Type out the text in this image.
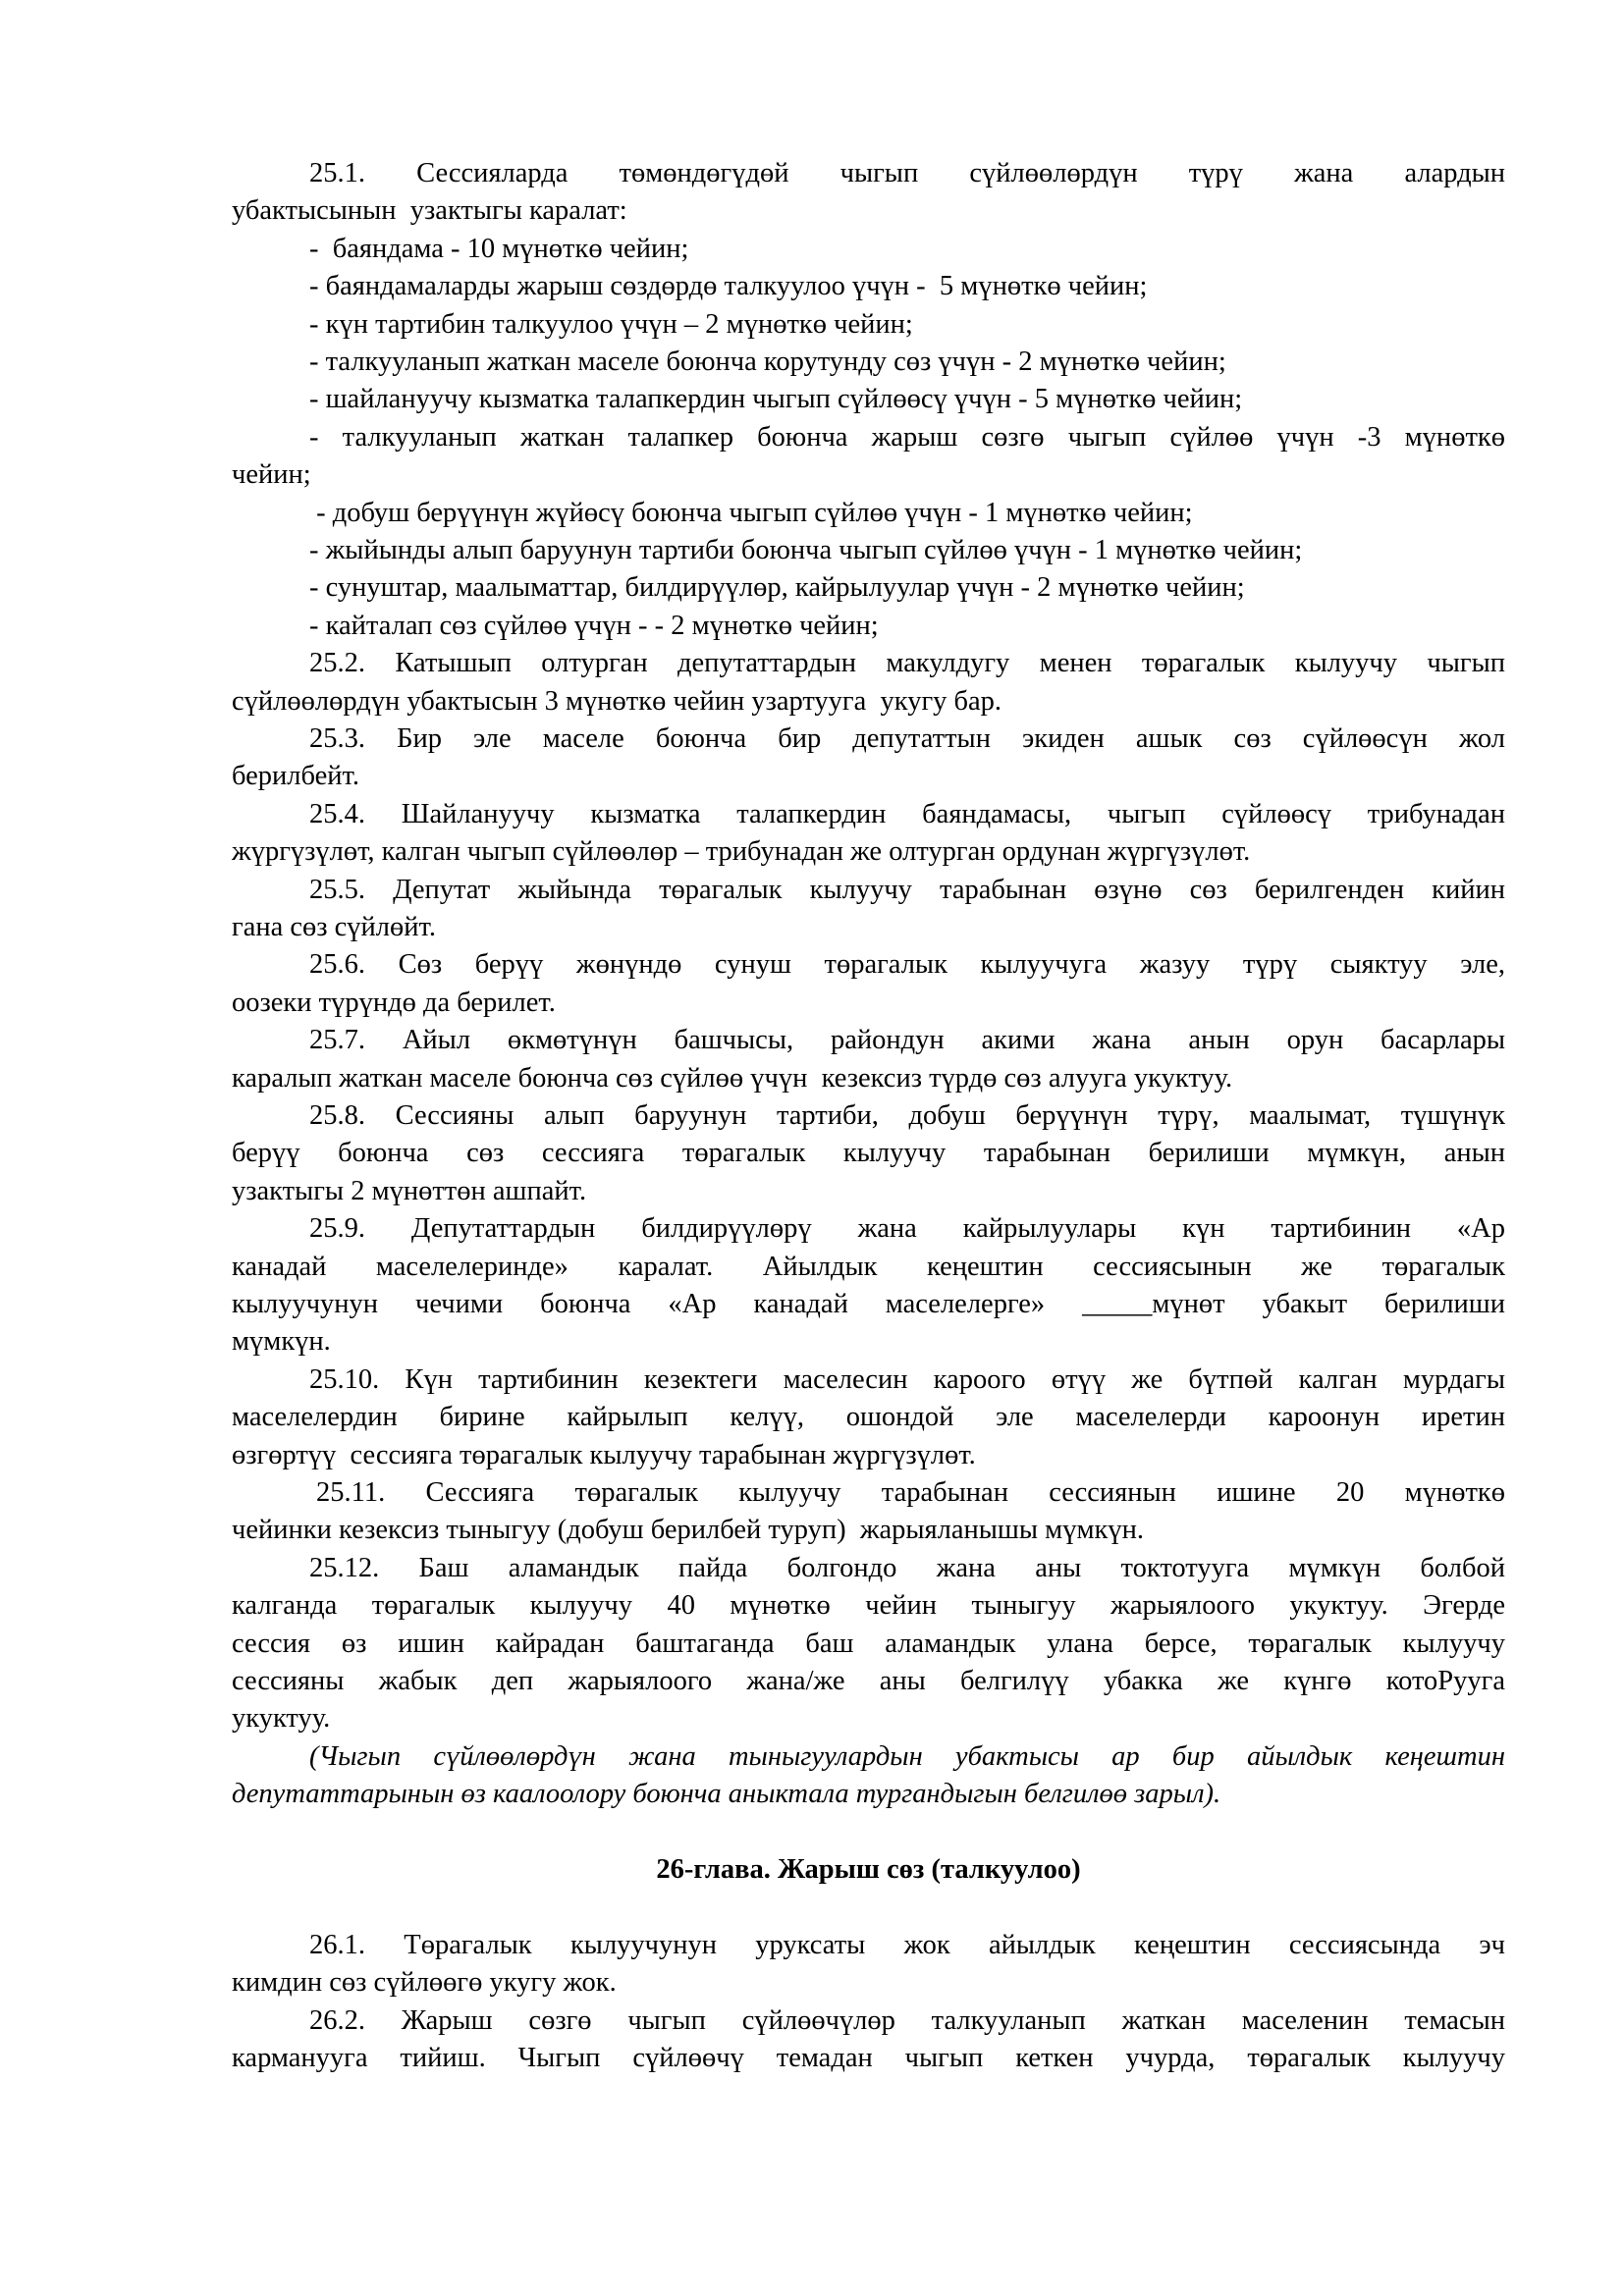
25.1. Сессияларда төмөндөгүдөй чыгып сүйлөөлөрдүн түрү жана алардын
убактысынын  узактыгы каралат:
-  баяндама - 10 мүнөткө чейин;
- баяндамаларды жарыш сөздөрдө талкуулоо үчүн -  5 мүнөткө чейин;
- күн тартибин талкуулоо үчүн – 2 мүнөткө чейин;
- талкууланып жаткан маселе боюнча корутунду сөз үчүн - 2 мүнөткө чейин;
- шайлануучу кызматка талапкердин чыгып сүйлөөсү үчүн - 5 мүнөткө чейин;
- талкууланып жаткан талапкер боюнча жарыш сөзгө чыгып сүйлөө үчүн -3 мүнөткө
чейин;
- добуш берүүнүн жүйөсү боюнча чыгып сүйлөө үчүн - 1 мүнөткө чейин;
- жыйынды алып баруунун тартиби боюнча чыгып сүйлөө үчүн - 1 мүнөткө чейин;
- сунуштар, маалыматтар, билдирүүлөр, кайрылуулар үчүн - 2 мүнөткө чейин;
- кайталап сөз сүйлөө үчүн - - 2 мүнөткө чейин;
25.2. Катышып олтурган депутаттардын макулдугу менен төрагалык кылуучу чыгып
сүйлөөлөрдүн убактысын 3 мүнөткө чейин узартууга  укугу бар.
25.3. Бир эле маселе боюнча бир депутаттын экиден ашык сөз сүйлөөсүн жол
берилбейт.
25.4. Шайлануучу кызматка талапкердин баяндамасы, чыгып сүйлөөсү трибунадан
жүргүзүлөт, калган чыгып сүйлөөлөр – трибунадан же олтурган ордунан жүргүзүлөт.
25.5. Депутат жыйында төрагалык кылуучу тарабынан өзүнө сөз берилгенден кийин
гана сөз сүйлөйт.
25.6. Сөз берүү жөнүндө сунуш төрагалык кылуучуга жазуу түрү сыяктуу эле,
оозеки түрүндө да берилет.
25.7. Айыл өкмөтүнүн башчысы, райондун акими жана анын орун басарлары
каралып жаткан маселе боюнча сөз сүйлөө үчүн  кезексиз түрдө сөз алууга укуктуу.
25.8. Сессияны алып баруунун тартиби, добуш берүүнүн түрү, маалымат, түшүнүк
берүү боюнча сөз сессияга төрагалык кылуучу тарабынан берилиши мүмкүн, анын
узактыгы 2 мүнөттөн ашпайт.
25.9. Депутаттардын билдирүүлөрү жана кайрылуулары күн тартибинин «Ар
канадай маселелеринде» каралат. Айылдык кеңештин сессиясынын же төрагалык
кылуучунун чечими боюнча «Ар канадай маселелерге» _____мүнөт убакыт берилиши
мүмкүн.
25.10. Күн тартибинин кезектеги маселесин кароого өтүү же бүтпөй калган мурдагы
маселелердин бирине кайрылып келүү, ошондой эле маселелерди кароонун иретин
өзгөртүү  сессияга төрагалык кылуучу тарабынан жүргүзүлөт.
25.11. Сессияга төрагалык кылуучу тарабынан сессиянын ишине 20 мүнөткө
чейинки кезексиз тыныгуу (добуш берилбей туруп)  жарыяланышы мүмкүн.
25.12. Баш аламандык пайда болгондо жана аны токтотууга мүмкүн болбой
калганда төрагалык кылуучу 40 мүнөткө чейин тыныгуу жарыялоого укуктуу. Эгерде
сессия өз ишин кайрадан баштаганда баш аламандык улана берсе, төрагалык кылуучу
сессияны жабык деп жарыялоого жана/же аны белгилүү убакка же күнгө котоРууга
укуктуу.
(Чыгып сүйлөөлөрдүн жана тыныгуулардын убактысы ар бир айылдык кеңештин
депутаттарынын өз каалоолору боюнча аныктала тургандыгын белгилөө зарыл).
26-глава. Жарыш сөз (талкуулоо)
26.1. Төрагалык кылуучунун уруксаты жок айылдык кеңештин сессиясында эч
кимдин сөз сүйлөөгө укугу жок.
26.2. Жарыш сөзгө чыгып сүйлөөчүлөр талкууланып жаткан маселенин темасын
кармануугa тийиш. Чыгып сүйлөөчү темадан чыгып кеткен учурда, төрагалык кылуучу
